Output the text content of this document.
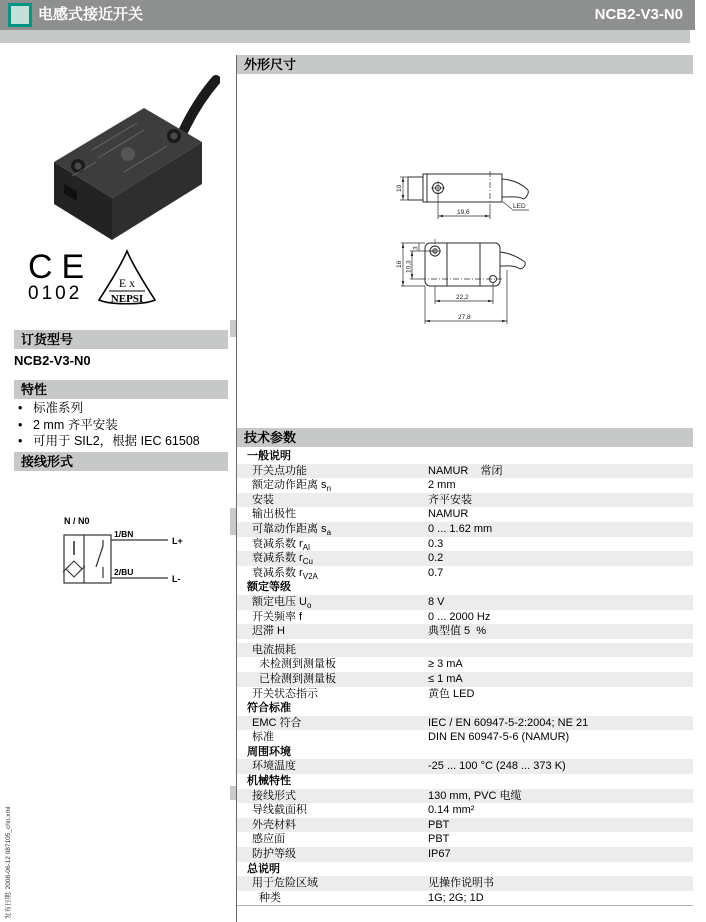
电感式接近开关	NCB2-V3-N0
CE
0102	E x
NEPSI
订货型号
NCB2-V3-N0
特性
• 标准系列
• 2 mm 齐平安装
• 可用于 SIL2，根据 IEC 61508
接线形式
N / N0
1/BN
2/BU
L+
L-
外形尺寸
10
19,6
LED
16 10,3
3
22,2
27,8
技术参数
一般说明
开关点功能	NAMUR    常闭
额定动作距离 $s_n$	2 mm
安装	齐平安装
输出极性	NAMUR
可靠动作距离 $s_a$	0 ... 1.62 mm
衰减系数 $r_{Al}$	0.3
衰减系数 $r_{Cu}$	0.2
衰减系数 $r_{V2A}$	0.7
额定等级
额定电压 $U_o$	8 V
开关频率 f	0 ... 2000 Hz
迟滞 H	典型值 5  %
电流损耗
未检测到测量板	≥ 3 mA
已检测到测量板	≤ 1 mA
开关状态指示	黄色 LED
符合标准
EMC 符合	IEC / EN 60947-5-2:2004; NE 21
标准	DIN EN 60947-5-6 (NAMUR)
周围环境
环境温度	-25 ... 100 °C (248 ... 373 K)
机械特性
接线形式	130 mm, PVC 电缆
导线截面积	0.14 mm²
外壳材料	PBT
感应面	PBT
防护等级	IP67
总说明
用于危险区域	见操作说明书
种类	1G; 2G; 1D
发布日期: 2008-06-12 087105_chn.xml
